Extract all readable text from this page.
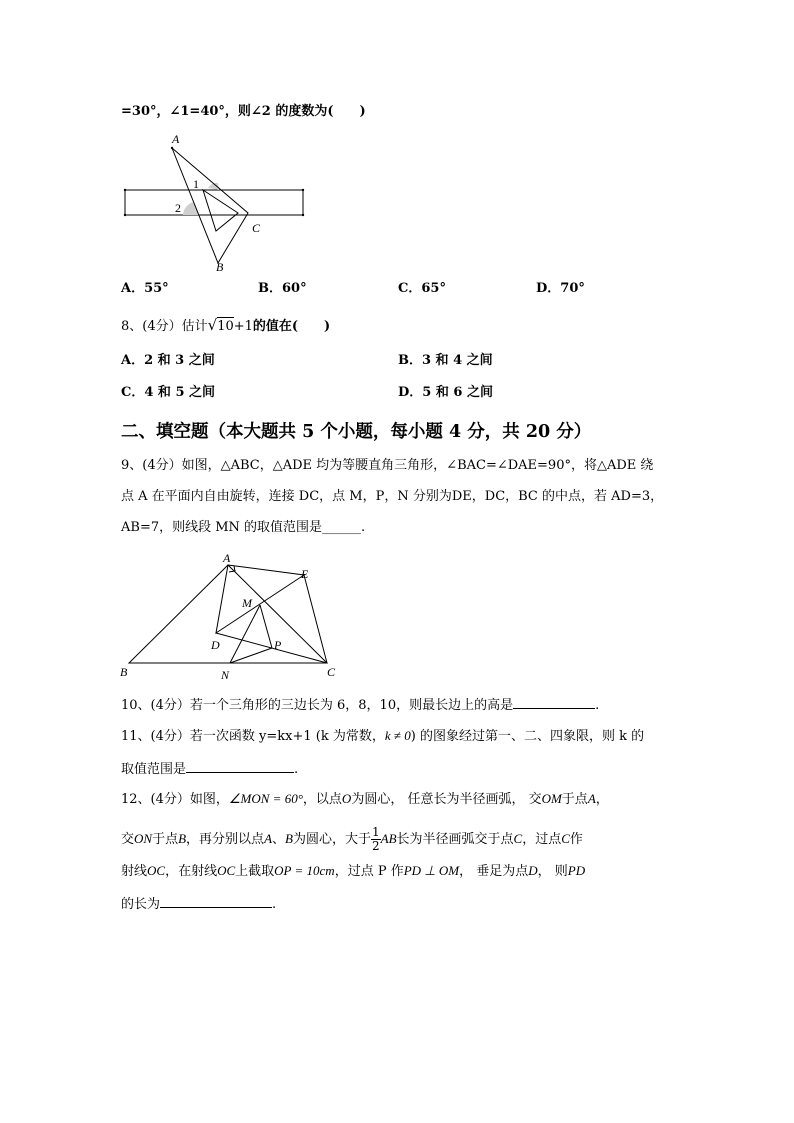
=30°，∠1=40°，则∠2 的度数为(　　)
A
B
C
1
2
A．55°	B．60°	C．65°	D．70°
8、(4分）估计√10+1的值在(　　)
A．2 和 3 之间	B．3 和 4 之间
C．4 和 5 之间	D．5 和 6 之间
二、填空题（本大题共 5 个小题，每小题 4 分，共 20 分）
9、(4分）如图，△ABC，△ADE 均为等腰直角三角形，∠BAC=∠DAE=90°，将△ADE 绕
点 A 在平面内自由旋转，连接 DC，点 M，P，N 分别为DE，DC，BC 的中点，若 AD=3，
AB=7，则线段 MN 的取值范围是______.
A
B	C
D
E
M
N
P
10、(4分）若一个三角形的三边长为 6，8，10，则最长边上的高是	.
11、(4分）若一次函数 y=kx+1 (k 为常数，k ≠ 0) 的图象经过第一、二、四象限，则 k 的
取值范围是	.
12、(4分）如图，∠MON = 60°，以点O为圆心， 任意长为半径画弧， 交OM于点A，
交ON于点B，再分别以点A、B为圆心，大于 $\frac{1}{2}$ AB长为半径画弧交于点C，过点C作
射线OC，在射线OC上截取OP = 10cm，过点 P 作PD ⊥ OM， 垂足为点D， 则PD
的长为	.
